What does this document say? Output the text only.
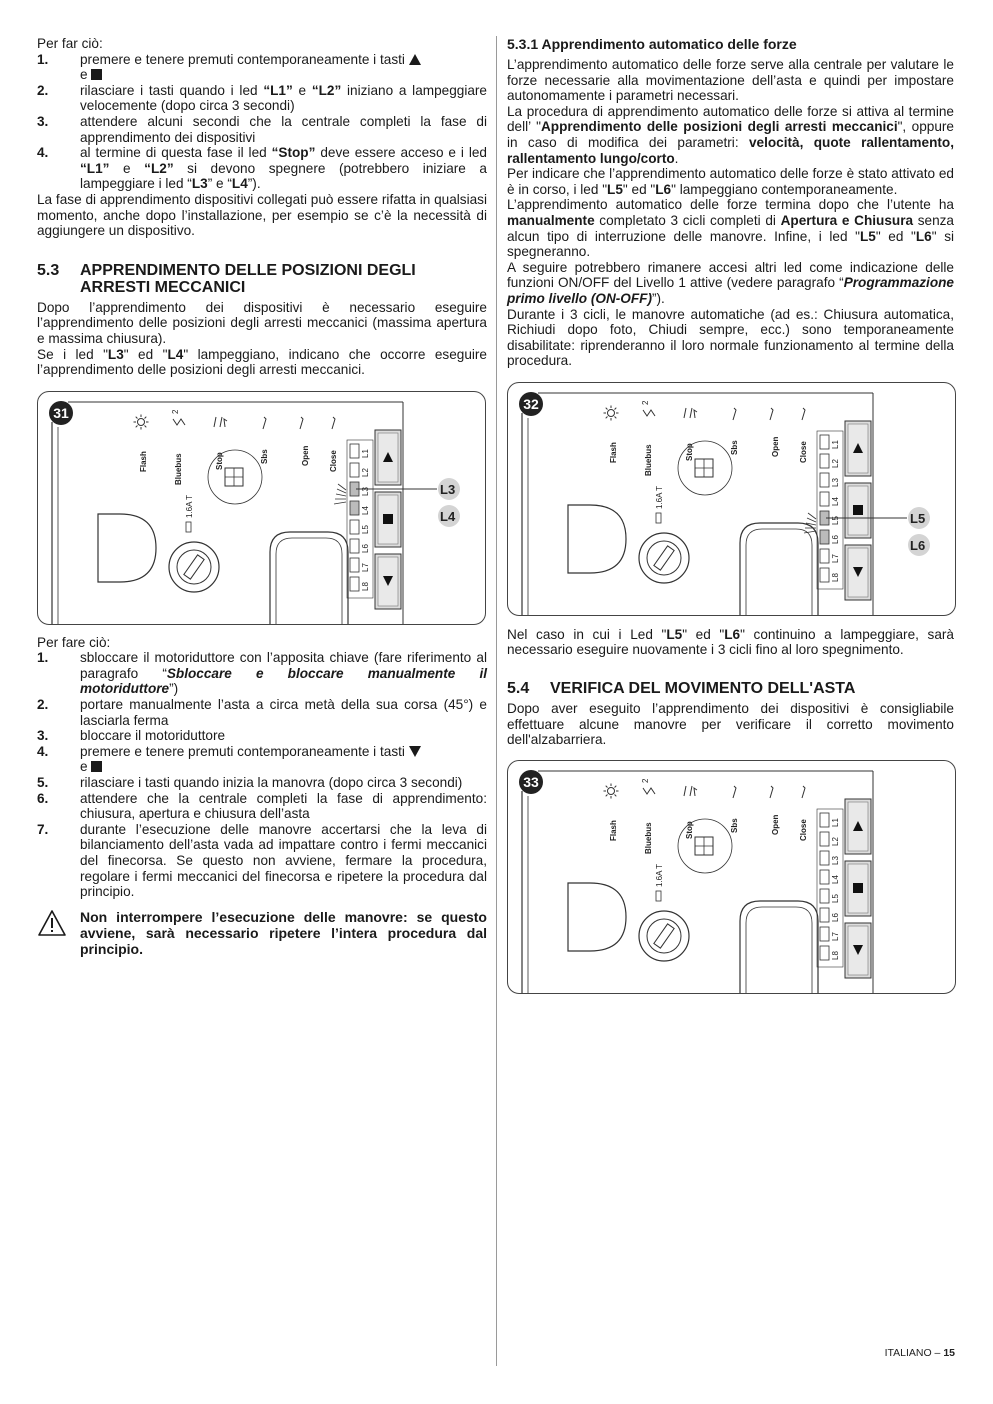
Per far ciò:

1.	premere e tenere premuti contemporaneamente i tasti
e
2.	rilasciare i tasti quando i led “L1” e “L2” iniziano a lampeggiare velocemente (dopo circa 3 secondi)
3.	attendere alcuni secondi che la centrale completi la fase di apprendimento dei dispositivi
4.	al termine di questa fase il led “Stop” deve essere acceso e i led “L1” e “L2” si devono spegnere (potrebbero iniziare a lampeggiare i led “L3” e “L4”).

La fase di apprendimento dispositivi collegati può essere rifatta in qualsiasi momento, anche dopo l’installazione, per esempio se c’è la necessità di aggiungere un dispositivo.

5.3	APPRENDIMENTO DELLE POSIZIONI DEGLI ARRESTI MECCANICI

Dopo l’apprendimento dei dispositivi è necessario eseguire l’apprendimento delle posizioni degli arresti meccanici (massima apertura e massima chiusura).

Se i led "L3" ed "L4" lampeggiano, indicano che occorre eseguire l’apprendimento delle posizioni degli arresti meccanici.

31	2
Flash	Bluebus	Stop	Sbs	Open Close
1.6A T
L1
L2
L3
L4
L5
L6
L7
L8
L3
L4

Per fare ciò:

1.	sbloccare il motoriduttore con l’apposita chiave (fare riferimento al paragrafo “Sbloccare e bloccare manualmente il motoriduttore”)
2.	portare manualmente l’asta a circa metà della sua corsa (45°) e lasciarla ferma
3.	bloccare il motoriduttore
4.	premere e tenere premuti contemporaneamente i tasti
e
5.	rilasciare i tasti quando inizia la manovra (dopo circa 3 secondi)
6.	attendere che la centrale completi la fase di apprendimento: chiusura, apertura e chiusura dell’asta
7.	durante l’esecuzione delle manovre accertarsi che la leva di bilanciamento dell’asta vada ad impattare contro i fermi meccanici del finecorsa. Se questo non avviene, fermare la procedura, regolare i fermi meccanici del finecorsa e ripetere la procedura dal principio.
Non interrompere l’esecuzione delle manovre: se questo avviene, sarà necessario ripetere l’intera procedura dal principio.
5.3.1 Apprendimento automatico delle forze

L’apprendimento automatico delle forze serve alla centrale per valutare le forze necessarie alla movimentazione dell’asta e quindi per impostare autonomamente i parametri necessari.

La procedura di apprendimento automatico delle forze si attiva al termine dell’ "Apprendimento delle posizioni degli arresti meccanici", oppure in caso di modifica dei parametri: velocità, quote rallentamento, rallentamento lungo/corto.

Per indicare che l’apprendimento automatico delle forze è stato attivato ed è in corso, i led "L5" ed "L6" lampeggiano contemporaneamente.

L’apprendimento automatico delle forze termina dopo che l’utente ha manualmente completato 3 cicli completi di Apertura e Chiusura senza alcun tipo di interruzione delle manovre. Infine, i led "L5" ed "L6" si spegneranno.

A seguire potrebbero rimanere accesi altri led come indicazione delle funzioni ON/OFF del Livello 1 attive (vedere paragrafo “Programmazione primo livello (ON-OFF)”).

Durante i 3 cicli, le manovre automatiche (ad es.: Chiusura automatica, Richiudi dopo foto, Chiudi sempre, ecc.) sono temporaneamente disabilitate: riprenderanno il loro normale funzionamento al termine della procedura.

32	2
Flash	Bluebus	Stop	Sbs	Open Close
1.6A T
L1
L2
L3
L4
L5
L6
L7
L8
L5
L6

Nel caso in cui i Led "L5" ed "L6" continuino a lampeggiare, sarà necessario eseguire nuovamente i 3 cicli fino al loro spegnimento.

5.4	VERIFICA DEL MOVIMENTO DELL'ASTA

Dopo aver eseguito l’apprendimento dei dispositivi è consigliabile effettuare alcune manovre per verificare il corretto movimento dell'alzabarriera.

33	2
Flash	Bluebus	Stop	Sbs	Open Close
1.6A T
L1
L2
L3
L4
L5
L6
L7
L8
ITALIANO – 15
